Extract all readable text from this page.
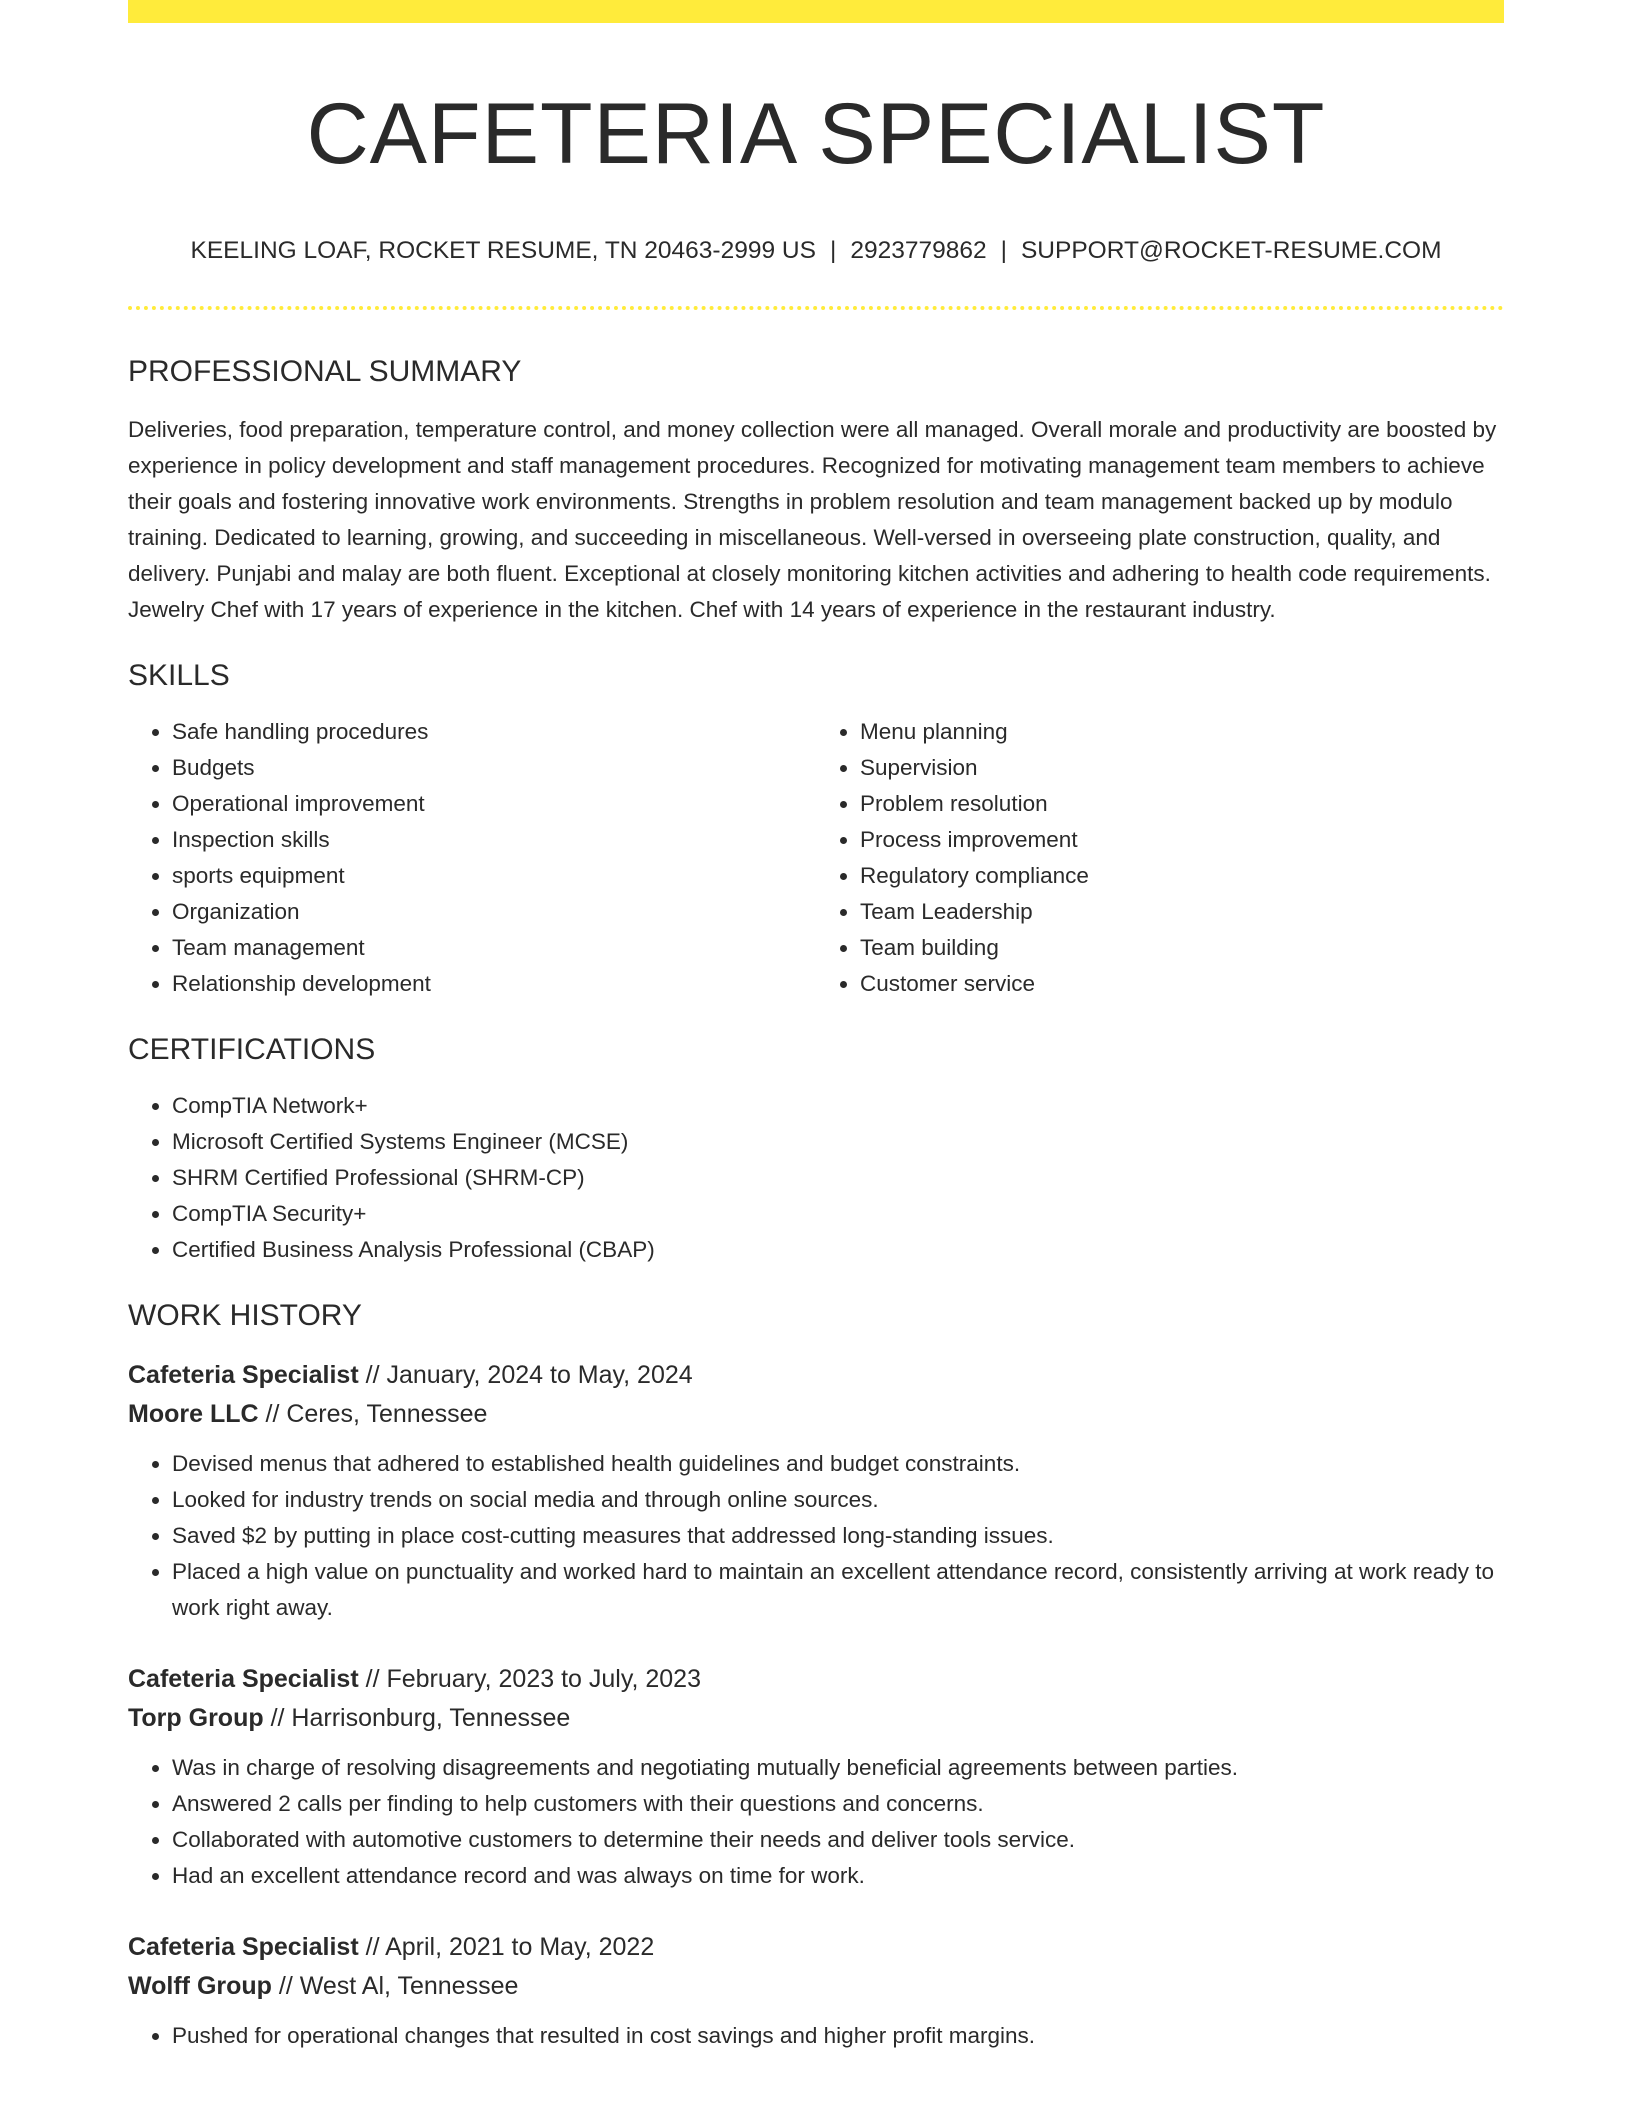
CAFETERIA SPECIALIST
KEELING LOAF, ROCKET RESUME, TN 20463-2999 US | 2923779862 | SUPPORT@ROCKET-RESUME.COM
PROFESSIONAL SUMMARY

Deliveries, food preparation, temperature control, and money collection were all managed. Overall morale and productivity are boosted by experience in policy development and staff management procedures. Recognized for motivating management team members to achieve their goals and fostering innovative work environments. Strengths in problem resolution and team management backed up by modulo training. Dedicated to learning, growing, and succeeding in miscellaneous. Well-versed in overseeing plate construction, quality, and delivery. Punjabi and malay are both fluent. Exceptional at closely monitoring kitchen activities and adhering to health code requirements. Jewelry Chef with 17 years of experience in the kitchen. Chef with 14 years of experience in the restaurant industry.

SKILLS
• Safe handling procedures
• Budgets
• Operational improvement
• Inspection skills
• sports equipment
• Organization
• Team management
• Relationship development
• Menu planning
• Supervision
• Problem resolution
• Process improvement
• Regulatory compliance
• Team Leadership
• Team building
• Customer service
CERTIFICATIONS
• CompTIA Network+
• Microsoft Certified Systems Engineer (MCSE)
• SHRM Certified Professional (SHRM-CP)
• CompTIA Security+
• Certified Business Analysis Professional (CBAP)
WORK HISTORY
Cafeteria Specialist // January, 2024 to May, 2024
Moore LLC // Ceres, Tennessee
• Devised menus that adhered to established health guidelines and budget constraints.
• Looked for industry trends on social media and through online sources.
• Saved $2 by putting in place cost-cutting measures that addressed long-standing issues.
• Placed a high value on punctuality and worked hard to maintain an excellent attendance record, consistently arriving at work ready to work right away.
Cafeteria Specialist // February, 2023 to July, 2023
Torp Group // Harrisonburg, Tennessee
• Was in charge of resolving disagreements and negotiating mutually beneficial agreements between parties.
• Answered 2 calls per finding to help customers with their questions and concerns.
• Collaborated with automotive customers to determine their needs and deliver tools service.
• Had an excellent attendance record and was always on time for work.
Cafeteria Specialist // April, 2021 to May, 2022
Wolff Group // West Al, Tennessee
• Pushed for operational changes that resulted in cost savings and higher profit margins.
